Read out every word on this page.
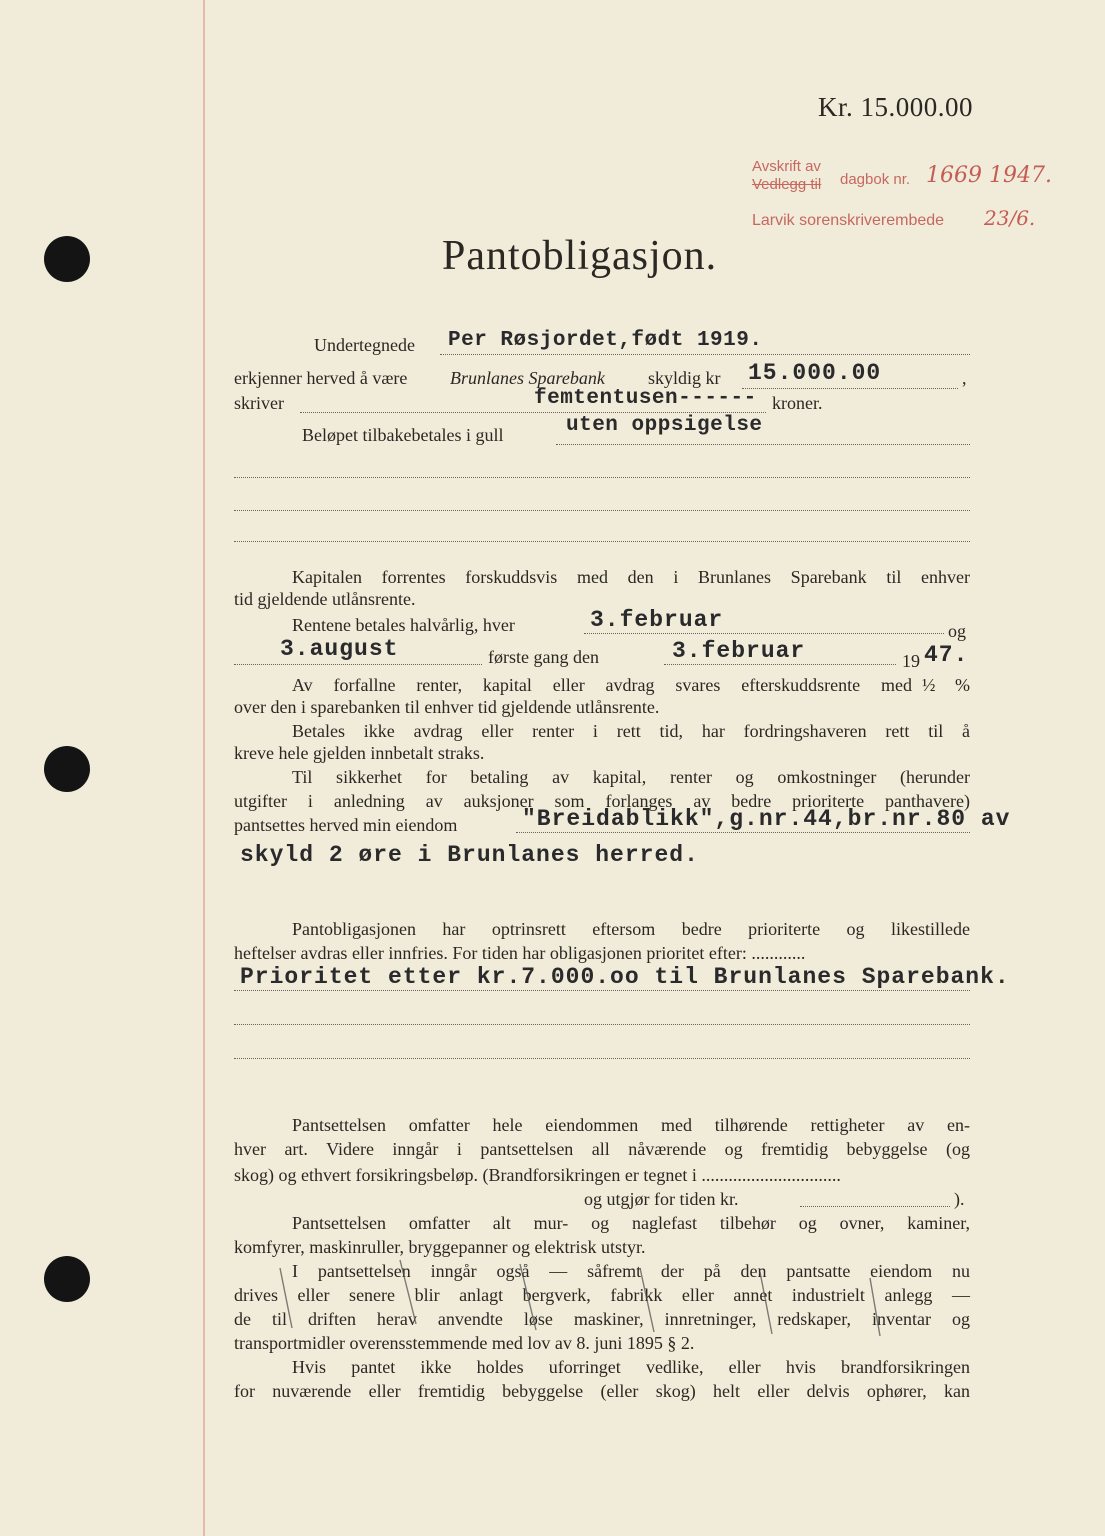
Kr. 15.000.00
Avskrift av
Vedlegg til dagbok nr. 1669 1947.
Larvik sorenskriverembede 23/6.
Pantobligasjon.
Undertegnede Per Røsjordet,født 1919.
erkjenner herved å være Brunlanes Sparebank skyldig kr 15.000.00	,
skriver	femtentusen------ kroner.
Beløpet tilbakebetales i gull	uten oppsigelse
Kapitalen forrentes forskuddsvis med den i Brunlanes Sparebank til enhver
tid gjeldende utlånsrente.
Rentene betales halvårlig, hver	3.februar	og
3.august	første gang den	3.februar	19 47.
Av forfallne renter, kapital eller avdrag svares efterskuddsrente med ½ %
over den i sparebanken til enhver tid gjeldende utlånsrente.
Betales ikke avdrag eller renter i rett tid, har fordringshaveren rett til å
kreve hele gjelden innbetalt straks.
Til sikkerhet for betaling av kapital, renter og omkostninger (herunder
utgifter i anledning av auksjoner som forlanges av bedre prioriterte panthavere)
pantsettes herved min eiendom	"Breidablikk",g.nr.44,br.nr.80 av
skyld 2 øre i Brunlanes herred.
Pantobligasjonen har optrinsrett eftersom bedre prioriterte og likestillede
heftelser avdras eller innfries. For tiden har obligasjonen prioritet efter: ............
Prioritet etter kr.7.000.oo til Brunlanes Sparebank.
Pantsettelsen omfatter hele eiendommen med tilhørende rettigheter av en-
hver art. Videre inngår i pantsettelsen all nåværende og fremtidig bebyggelse (og
skog) og ethvert forsikringsbeløp. (Brandforsikringen er tegnet i ...............................
og utgjør for tiden kr.	).
Pantsettelsen omfatter alt mur- og naglefast tilbehør og ovner, kaminer,
komfyrer, maskinruller, bryggepanner og elektrisk utstyr.
I pantsettelsen inngår også — såfremt der på den pantsatte eiendom nu
drives eller senere blir anlagt bergverk, fabrikk eller annet industrielt anlegg —
de til driften herav anvendte løse maskiner, innretninger, redskaper, inventar og
transportmidler overensstemmende med lov av 8. juni 1895 § 2.
Hvis pantet ikke holdes uforringet vedlike, eller hvis brandforsikringen
for nuværende eller fremtidig bebyggelse (eller skog) helt eller delvis ophører, kan
